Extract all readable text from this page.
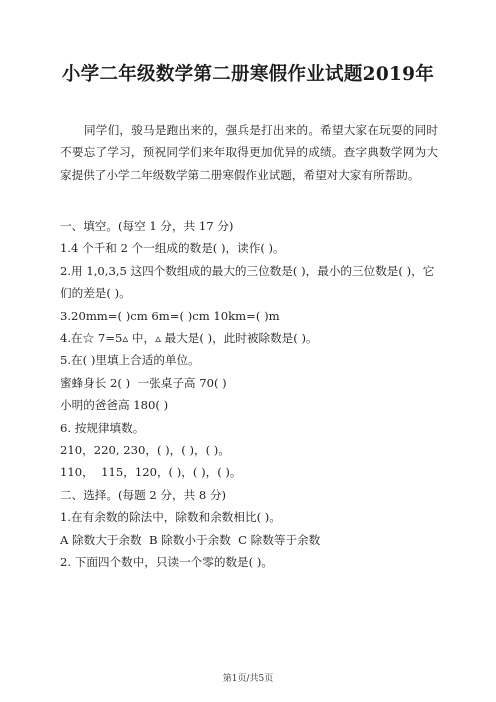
小学二年级数学第二册寒假作业试题2019年
同学们，骏马是跑出来的，强兵是打出来的。希望大家在玩耍的同时不要忘了学习，预祝同学们来年取得更加优异的成绩。查字典数学网为大家提供了小学二年级数学第二册寒假作业试题，希望对大家有所帮助。
一、填空。(每空 1 分，共 17 分)
1.4 个千和 2 个一组成的数是( )，读作( )。
2.用 1,0,3,5 这四个数组成的最大的三位数是( )，最小的三位数是( )，它们的差是( )。
3.20mm=( )cm 6m=( )cm 10km=( )m
4.在☆ 7=5▵ 中，▵ 最大是( )，此时被除数是( )。
5.在( )里填上合适的单位。
蜜蜂身长 2( )  一张桌子高 70( )
小明的爸爸高 180( )
6. 按规律填数。
210，220, 230，( )，( )，( )。
110，  115，120，( )，( )，( )。
二、选择。(每题 2 分，共 8 分)
1.在有余数的除法中，除数和余数相比( )。
A 除数大于余数  B 除数小于余数  C 除数等于余数
2. 下面四个数中，只读一个零的数是( )。
第1页/共5页
